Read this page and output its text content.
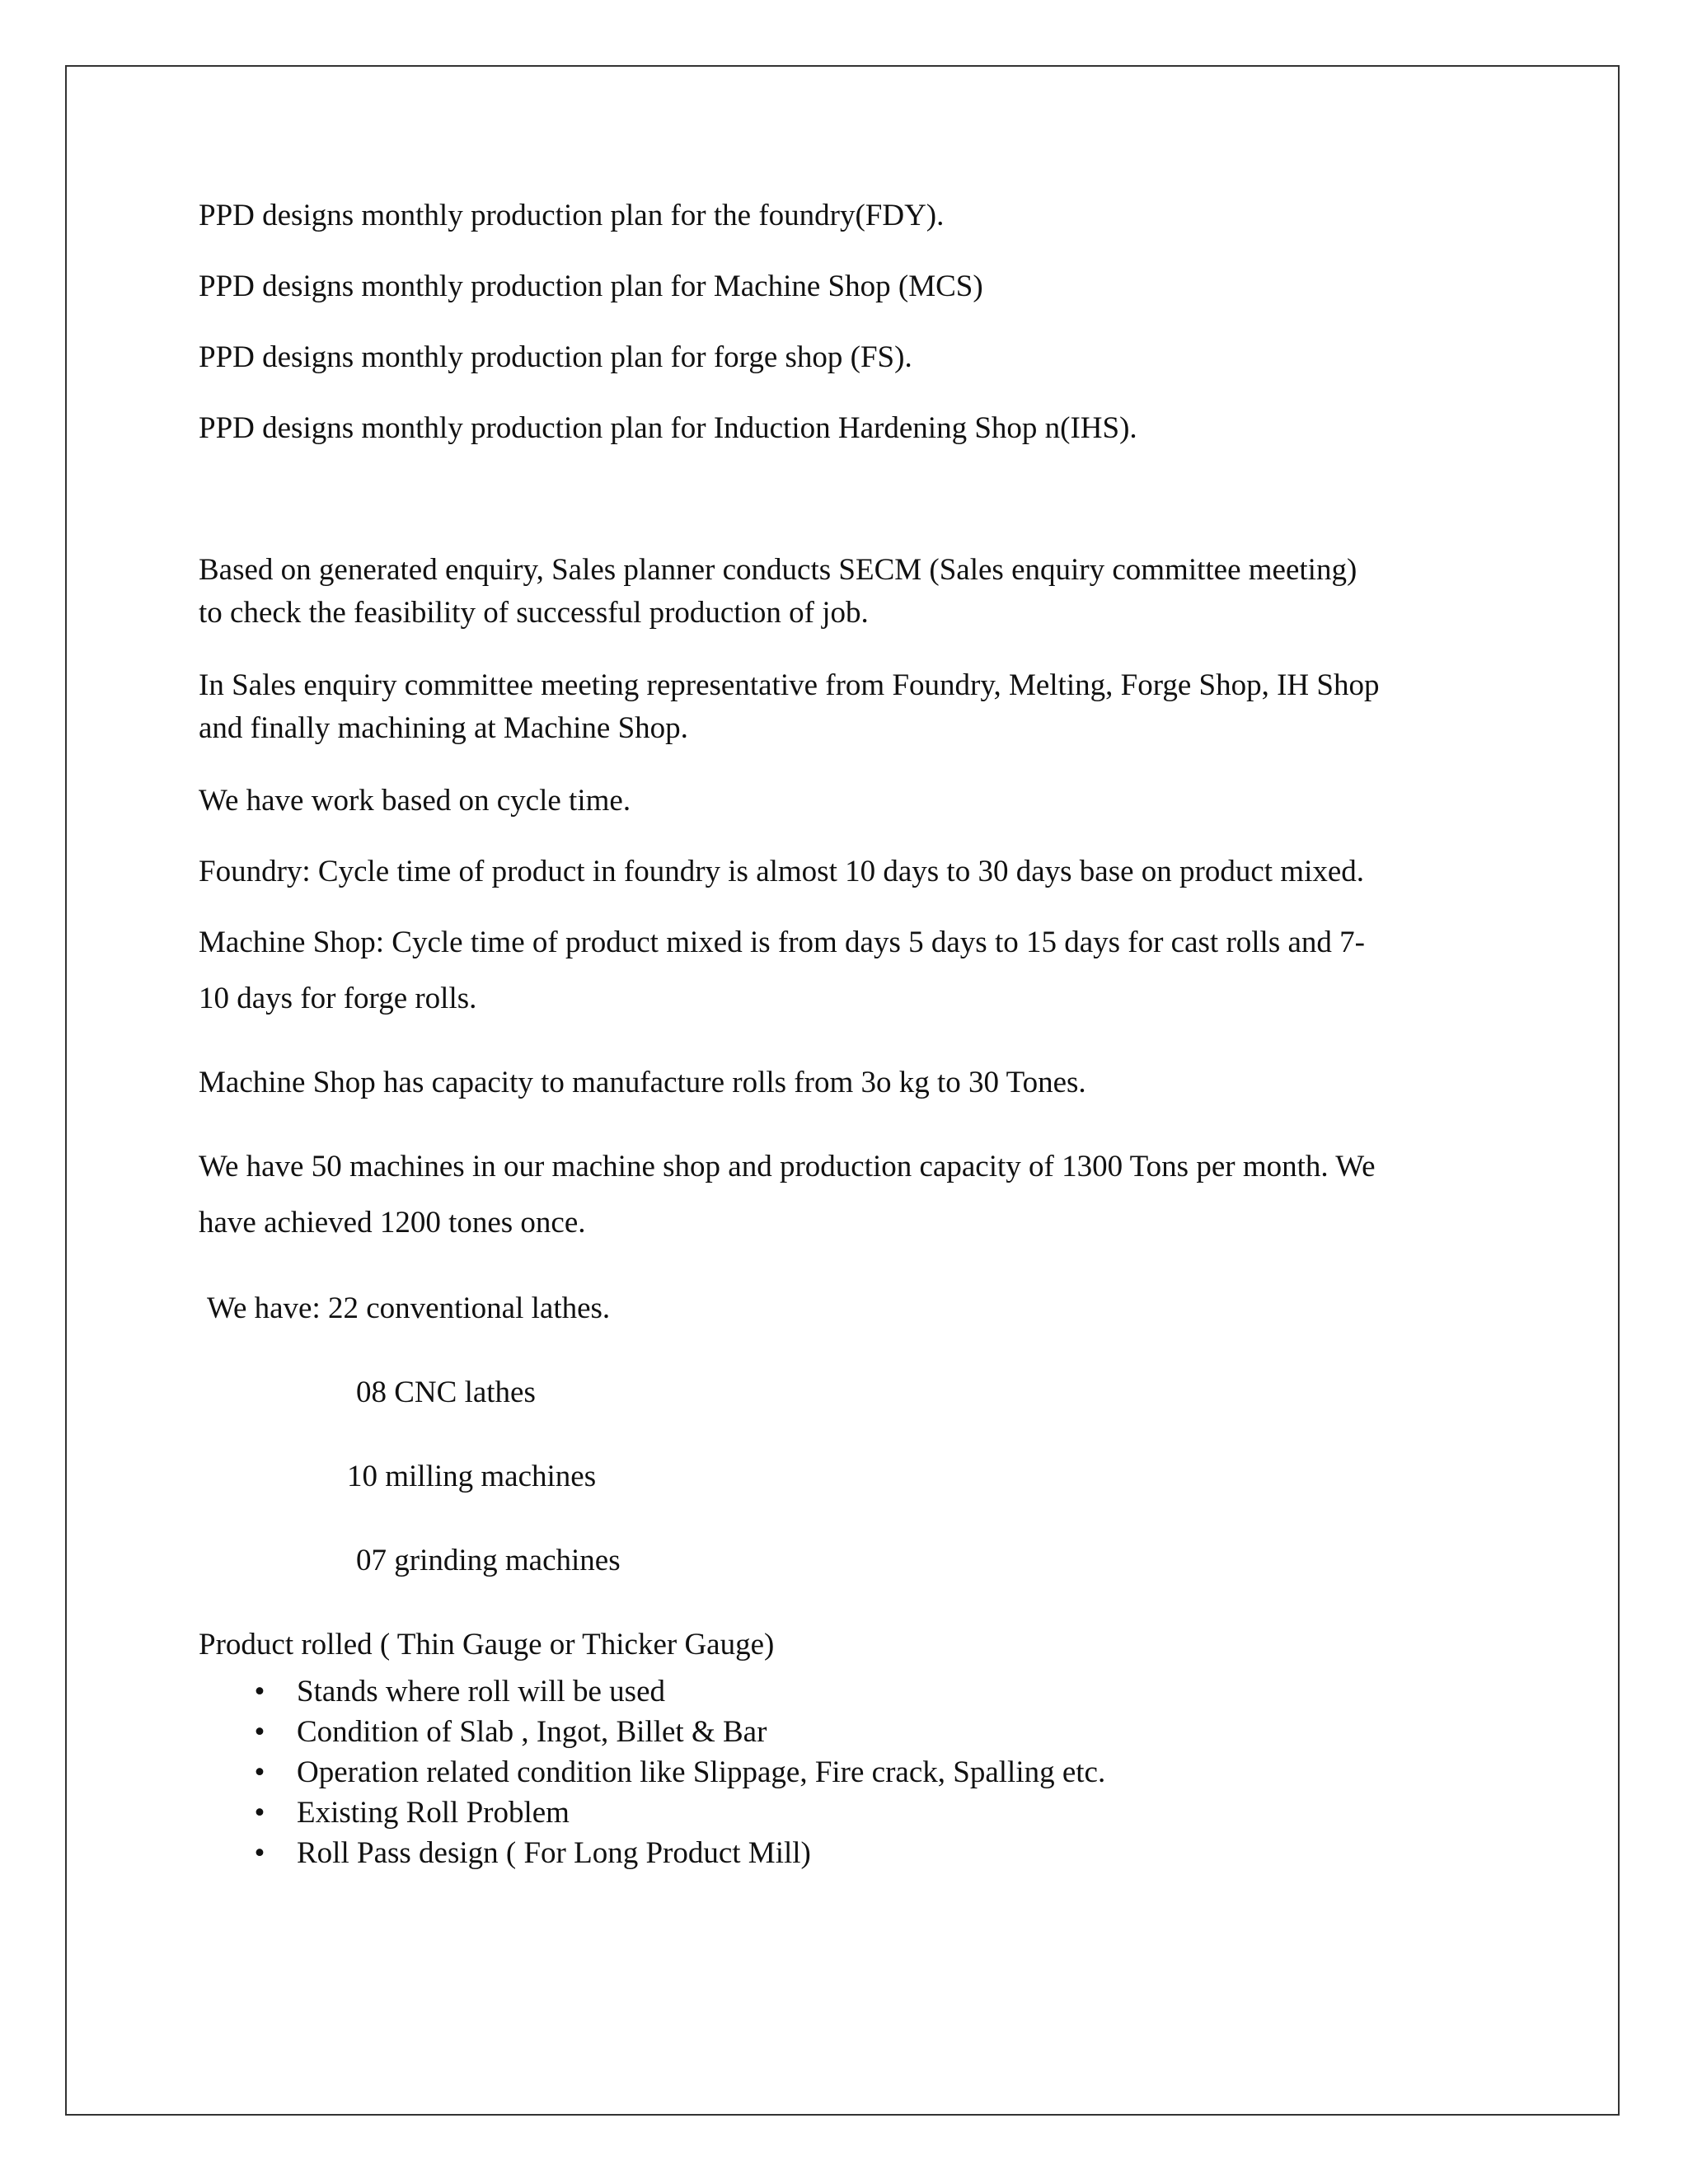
PPD designs monthly production plan for the foundry(FDY).

PPD designs monthly production plan for Machine Shop (MCS)

PPD designs monthly production plan for forge shop (FS).

PPD designs monthly production plan for Induction Hardening Shop n(IHS).

Based on generated enquiry, Sales planner conducts SECM (Sales enquiry committee meeting)

to check the feasibility of successful production of job.

In Sales enquiry committee meeting representative from Foundry, Melting, Forge Shop, IH Shop

and finally machining at Machine Shop.

We have work based on cycle time.

Foundry: Cycle time of product in foundry is almost 10 days to 30 days base on product mixed.

Machine Shop: Cycle time of product mixed is from days 5 days to 15 days for cast rolls and 7-

10 days for forge rolls.

Machine Shop has capacity to manufacture rolls from 3o kg to 30 Tones.

We have 50 machines in our machine shop and production capacity of 1300 Tons per month. We

have achieved 1200 tones once.

We have: 22 conventional lathes.

08 CNC lathes

10 milling machines

07 grinding machines

Product rolled ( Thin Gauge or Thicker Gauge)

• Stands where roll will be used
• Condition of Slab , Ingot, Billet & Bar
• Operation related condition like Slippage, Fire crack, Spalling etc.
• Existing Roll Problem
• Roll Pass design ( For Long Product Mill)
